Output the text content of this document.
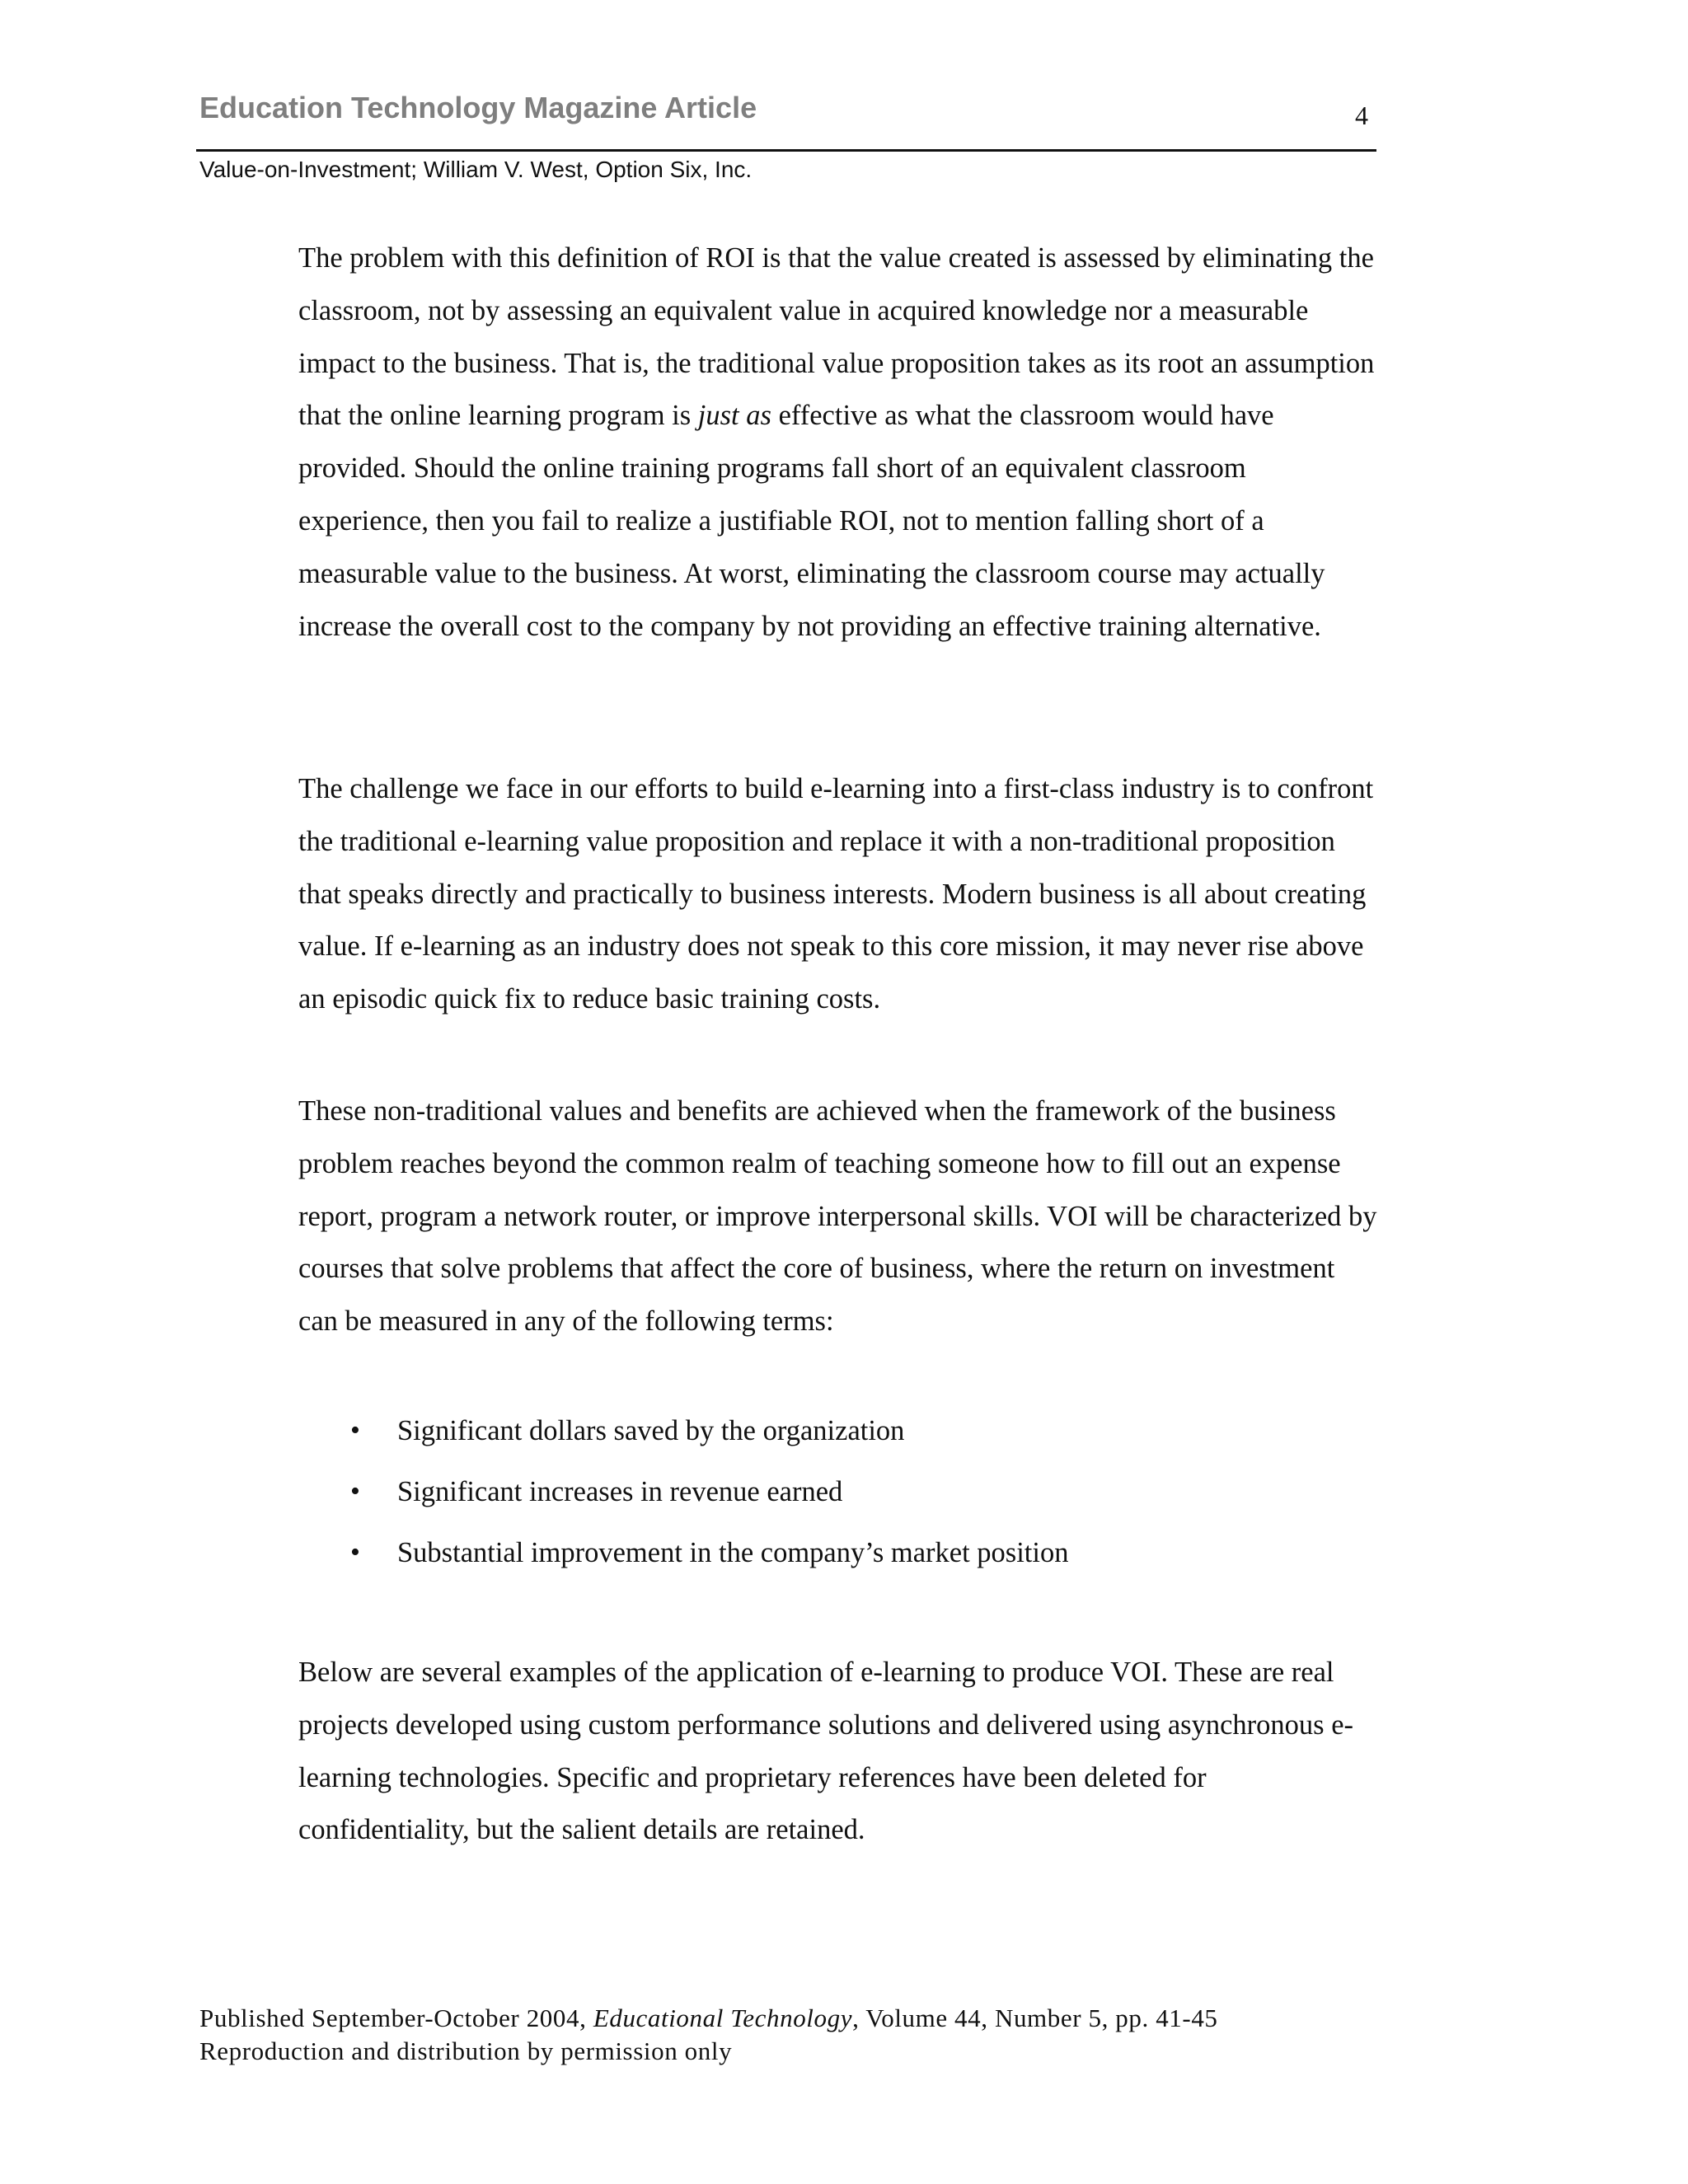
Education Technology Magazine Article	4
Value-on-Investment; William V. West, Option Six, Inc.

The problem with this definition of ROI is that the value created is assessed by eliminating the classroom, not by assessing an equivalent value in acquired knowledge nor a measurable impact to the business. That is, the traditional value proposition takes as its root an assumption that the online learning program is just as effective as what the classroom would have provided. Should the online training programs fall short of an equivalent classroom experience, then you fail to realize a justifiable ROI, not to mention falling short of a measurable value to the business. At worst, eliminating the classroom course may actually increase the overall cost to the company by not providing an effective training alternative.

The challenge we face in our efforts to build e-learning into a first-class industry is to confront the traditional e-learning value proposition and replace it with a non-traditional proposition that speaks directly and practically to business interests. Modern business is all about creating value. If e-learning as an industry does not speak to this core mission, it may never rise above an episodic quick fix to reduce basic training costs.

These non-traditional values and benefits are achieved when the framework of the business problem reaches beyond the common realm of teaching someone how to fill out an expense report, program a network router, or improve interpersonal skills. VOI will be characterized by courses that solve problems that affect the core of business, where the return on investment can be measured in any of the following terms:

• Significant dollars saved by the organization
• Significant increases in revenue earned
• Substantial improvement in the company’s market position

Below are several examples of the application of e-learning to produce VOI. These are real projects developed using custom performance solutions and delivered using asynchronous e-learning technologies. Specific and proprietary references have been deleted for confidentiality, but the salient details are retained.

Published September-October 2004, Educational Technology, Volume 44, Number 5, pp. 41-45
Reproduction and distribution by permission only
